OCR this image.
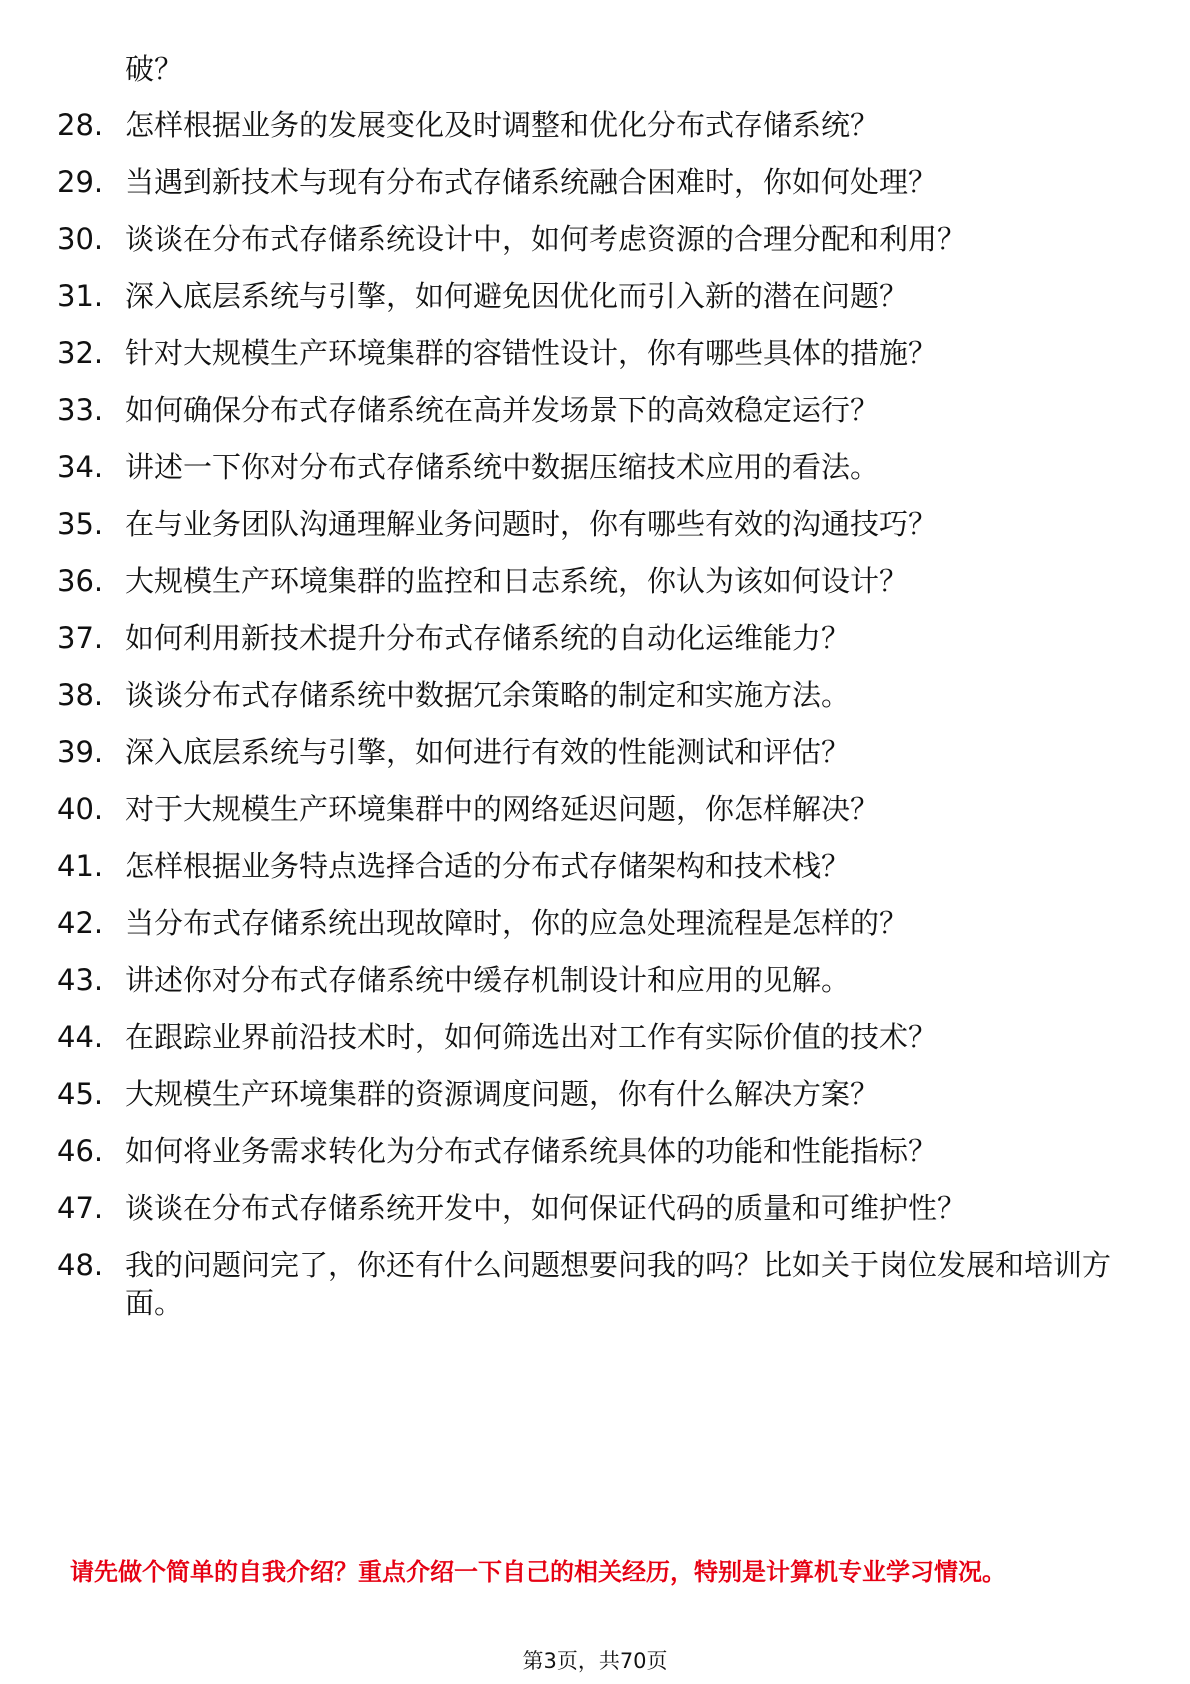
破？

28. 怎样根据业务的发展变化及时调整和优化分布式存储系统？
29. 当遇到新技术与现有分布式存储系统融合困难时，你如何处理？
30. 谈谈在分布式存储系统设计中，如何考虑资源的合理分配和利用？
31. 深入底层系统与引擎，如何避免因优化而引入新的潜在问题？
32. 针对大规模生产环境集群的容错性设计，你有哪些具体的措施？
33. 如何确保分布式存储系统在高并发场景下的高效稳定运行？
34. 讲述一下你对分布式存储系统中数据压缩技术应用的看法。
35. 在与业务团队沟通理解业务问题时，你有哪些有效的沟通技巧？
36. 大规模生产环境集群的监控和日志系统，你认为该如何设计？
37. 如何利用新技术提升分布式存储系统的自动化运维能力？
38. 谈谈分布式存储系统中数据冗余策略的制定和实施方法。
39. 深入底层系统与引擎，如何进行有效的性能测试和评估？
40. 对于大规模生产环境集群中的网络延迟问题，你怎样解决？
41. 怎样根据业务特点选择合适的分布式存储架构和技术栈？
42. 当分布式存储系统出现故障时，你的应急处理流程是怎样的？
43. 讲述你对分布式存储系统中缓存机制设计和应用的见解。
44. 在跟踪业界前沿技术时，如何筛选出对工作有实际价值的技术？
45. 大规模生产环境集群的资源调度问题，你有什么解决方案？
46. 如何将业务需求转化为分布式存储系统具体的功能和性能指标？
47. 谈谈在分布式存储系统开发中，如何保证代码的质量和可维护性？
48. 我的问题问完了，你还有什么问题想要问我的吗？比如关于岗位发展和培训方面。

请先做个简单的自我介绍？重点介绍一下自己的相关经历，特别是计算机专业学习情况。

第3页，共70页
